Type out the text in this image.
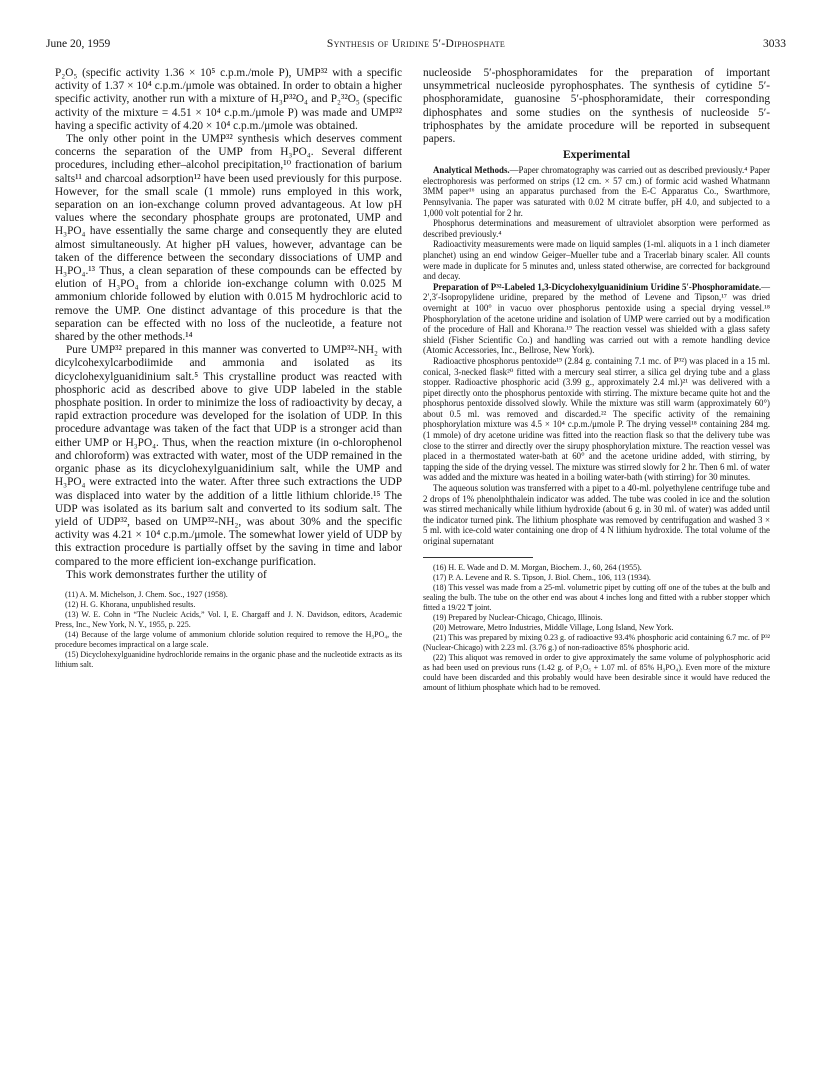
June 20, 1959	Synthesis of Uridine 5′-Diphosphate	3033

P₂O₅ (specific activity 1.36 × 10⁵ c.p.m./mole P), UMP³² with a specific activity of 1.37 × 10⁴ c.p.m./μmole was obtained. In order to obtain a higher specific activity, another run with a mixture of H₃P³²O₄ and P₂³²O₅ (specific activity of the mixture = 4.51 × 10⁴ c.p.m./μmole P) was made and UMP³² having a specific activity of 4.20 × 10⁴ c.p.m./μmole was obtained.

The only other point in the UMP³² synthesis which deserves comment concerns the separation of the UMP from H₃PO₄. Several different procedures, including ether–alcohol precipitation,¹⁰ fractionation of barium salts¹¹ and charcoal adsorption¹² have been used previously for this purpose. However, for the small scale (1 mmole) runs employed in this work, separation on an ion-exchange column proved advantageous. At low pH values where the secondary phosphate groups are protonated, UMP and H₃PO₄ have essentially the same charge and consequently they are eluted almost simultaneously. At higher pH values, however, advantage can be taken of the difference between the secondary dissociations of UMP and H₃PO₄.¹³ Thus, a clean separation of these compounds can be effected by elution of H₃PO₄ from a chloride ion-exchange column with 0.025 M ammonium chloride followed by elution with 0.015 M hydrochloric acid to remove the UMP. One distinct advantage of this procedure is that the separation can be effected with no loss of the nucleotide, a feature not shared by the other methods.¹⁴

Pure UMP³² prepared in this manner was converted to UMP³²-NH₂ with dicylcohexylcarbodiimide and ammonia and isolated as its dicyclohexylguanidinium salt.⁵ This crystalline product was reacted with phosphoric acid as described above to give UDP labeled in the stable phosphate position. In order to minimize the loss of radioactivity by decay, a rapid extraction procedure was developed for the isolation of UDP. In this procedure advantage was taken of the fact that UDP is a stronger acid than either UMP or H₃PO₄. Thus, when the reaction mixture (in o-chlorophenol and chloroform) was extracted with water, most of the UDP remained in the organic phase as its dicyclohexylguanidinium salt, while the UMP and H₃PO₄ were extracted into the water. After three such extractions the UDP was displaced into water by the addition of a little lithium chloride.¹⁵ The UDP was isolated as its barium salt and converted to its sodium salt. The yield of UDP³², based on UMP³²-NH₂, was about 30% and the specific activity was 4.21 × 10⁴ c.p.m./μmole. The somewhat lower yield of UDP by this extraction procedure is partially offset by the saving in time and labor compared to the more efficient ion-exchange purification.

This work demonstrates further the utility of

(11) A. M. Michelson, J. Chem. Soc., 1927 (1958).

(12) H. G. Khorana, unpublished results.

(13) W. E. Cohn in “The Nucleic Acids,” Vol. I, E. Chargaff and J. N. Davidson, editors, Academic Press, Inc., New York, N. Y., 1955, p. 225.

(14) Because of the large volume of ammonium chloride solution required to remove the H₃PO₄, the procedure becomes impractical on a large scale.

(15) Dicyclohexylguanidine hydrochloride remains in the organic phase and the nucleotide extracts as its lithium salt.

nucleoside 5′-phosphoramidates for the preparation of important unsymmetrical nucleoside pyrophosphates. The synthesis of cytidine 5′-phosphoramidate, guanosine 5′-phosphoramidate, their corresponding diphosphates and some studies on the synthesis of nucleoside 5′-triphosphates by the amidate procedure will be reported in subsequent papers.

Experimental

Analytical Methods.—Paper chromatography was carried out as described previously.⁴ Paper electrophoresis was performed on strips (12 cm. × 57 cm.) of formic acid washed Whatmann 3MM paper¹⁶ using an apparatus purchased from the E-C Apparatus Co., Swarthmore, Pennsylvania. The paper was saturated with 0.02 M citrate buffer, pH 4.0, and subjected to a 1,000 volt potential for 2 hr.

Phosphorus determinations and measurement of ultraviolet absorption were performed as described previously.⁴

Radioactivity measurements were made on liquid samples (1-ml. aliquots in a 1 inch diameter planchet) using an end window Geiger–Mueller tube and a Tracerlab binary scaler. All counts were made in duplicate for 5 minutes and, unless stated otherwise, are corrected for background and decay.

Preparation of P³²-Labeled 1,3-Dicyclohexylguanidinium Uridine 5′-Phosphoramidate.—2′,3′-Isopropylidene uridine, prepared by the method of Levene and Tipson,¹⁷ was dried overnight at 100° in vacuo over phosphorus pentoxide using a special drying vessel.¹⁸ Phosphorylation of the acetone uridine and isolation of UMP were carried out by a modification of the procedure of Hall and Khorana.¹⁹ The reaction vessel was shielded with a glass safety shield (Fisher Scientific Co.) and handling was carried out with a remote handling device (Atomic Accessories, Inc., Bellrose, New York).

Radioactive phosphorus pentoxide¹⁹ (2.84 g. containing 7.1 mc. of P³²) was placed in a 15 ml. conical, 3-necked flask²⁰ fitted with a mercury seal stirrer, a silica gel drying tube and a glass stopper. Radioactive phosphoric acid (3.99 g., approximately 2.4 ml.)²¹ was delivered with a pipet directly onto the phosphorus pentoxide with stirring. The mixture became quite hot and the phosphorus pentoxide dissolved slowly. While the mixture was still warm (approximately 60°) about 0.5 ml. was removed and discarded.²² The specific activity of the remaining phosphorylation mixture was 4.5 × 10⁴ c.p.m./μmole P. The drying vessel¹⁸ containing 284 mg. (1 mmole) of dry acetone uridine was fitted into the reaction flask so that the delivery tube was close to the stirrer and directly over the sirupy phosphorylation mixture. The reaction vessel was placed in a thermostated water-bath at 60° and the acetone uridine added, with stirring, by tapping the side of the drying vessel. The mixture was stirred slowly for 2 hr. Then 6 ml. of water was added and the mixture was heated in a boiling water-bath (with stirring) for 30 minutes.

The aqueous solution was transferred with a pipet to a 40-ml. polyethylene centrifuge tube and 2 drops of 1% phenolphthalein indicator was added. The tube was cooled in ice and the solution was stirred mechanically while lithium hydroxide (about 6 g. in 30 ml. of water) was added until the indicator turned pink. The lithium phosphate was removed by centrifugation and washed 3 × 5 ml. with ice-cold water containing one drop of 4 N lithium hydroxide. The total volume of the original supernatant

(16) H. E. Wade and D. M. Morgan, Biochem. J., 60, 264 (1955).

(17) P. A. Levene and R. S. Tipson, J. Biol. Chem., 106, 113 (1934).

(18) This vessel was made from a 25-ml. volumetric pipet by cutting off one of the tubes at the bulb and sealing the bulb. The tube on the other end was about 4 inches long and fitted with a rubber stopper which fitted a 19/22 ₸ joint.

(19) Prepared by Nuclear-Chicago, Chicago, Illinois.

(20) Metroware, Metro Industries, Middle Village, Long Island, New York.

(21) This was prepared by mixing 0.23 g. of radioactive 93.4% phosphoric acid containing 6.7 mc. of P³² (Nuclear-Chicago) with 2.23 ml. (3.76 g.) of non-radioactive 85% phosphoric acid.

(22) This aliquot was removed in order to give approximately the same volume of polyphosphoric acid as had been used on previous runs (1.42 g. of P₂O₅ + 1.07 ml. of 85% H₃PO₄). Even more of the mixture could have been discarded and this probably would have been desirable since it would have reduced the amount of lithium phosphate which had to be removed.
